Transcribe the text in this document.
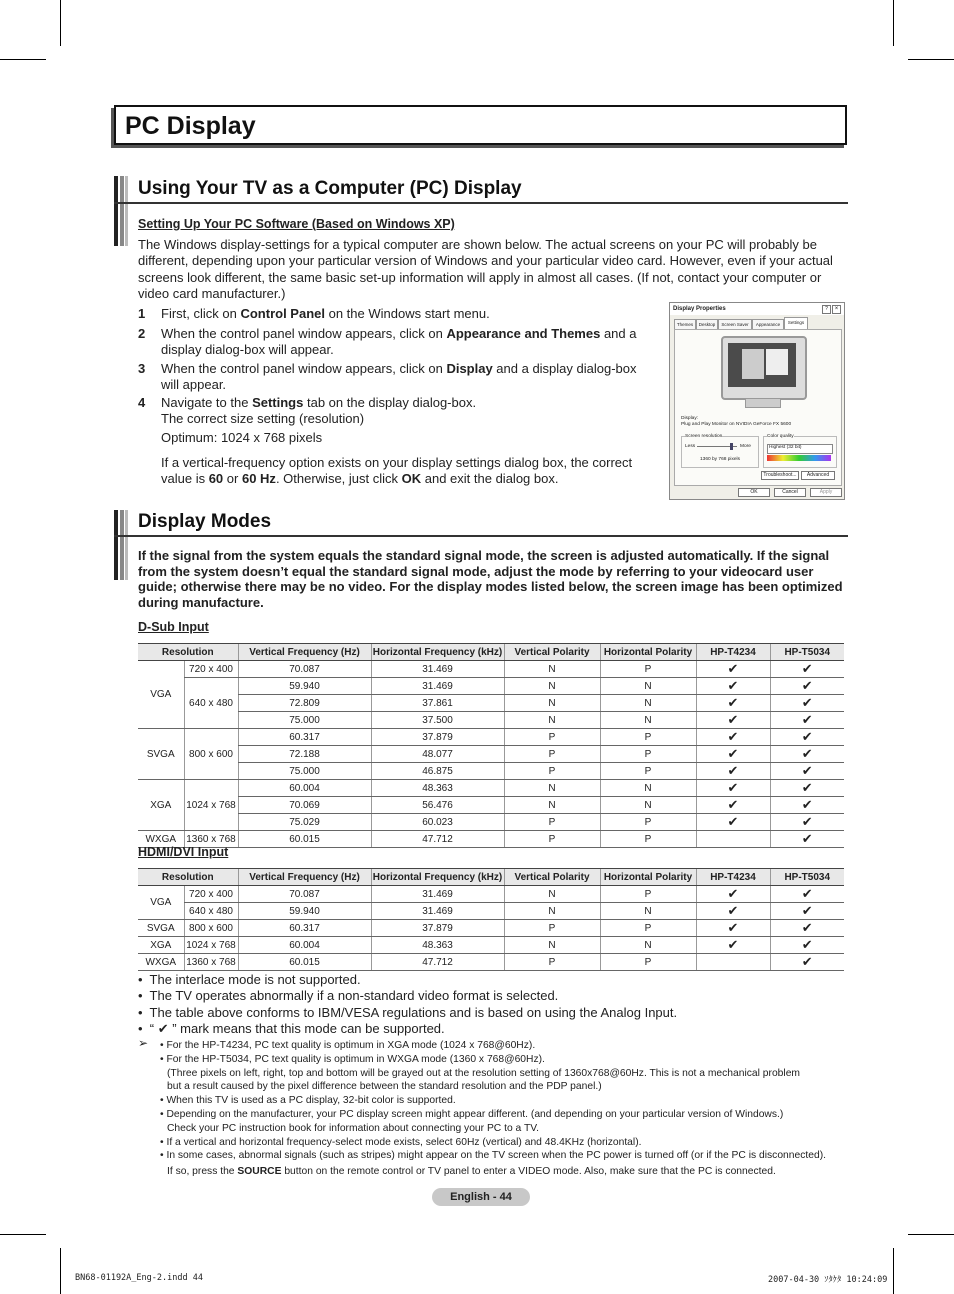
PC Display
Using Your TV as a Computer (PC) Display
Setting Up Your PC Software (Based on Windows XP)
The Windows display-settings for a typical computer are shown below. The actual screens on your PC will probably be different, depending upon your particular version of Windows and your particular video card. However, even if your actual screens look different, the same basic set-up information will apply in almost all cases. (If not, contact your computer or video card manufacturer.)
1 First, click on Control Panel on the Windows start menu.
2 When the control panel window appears, click on Appearance and Themes and a display dialog-box will appear.
3 When the control panel window appears, click on Display and a display dialog-box will appear.
4 Navigate to the Settings tab on the display dialog-box.
The correct size setting (resolution)
Optimum: 1024 x 768 pixels
If a vertical-frequency option exists on your display settings dialog box, the correct value is 60 or 60 Hz. Otherwise, just click OK and exit the dialog box.
Display Properties	?	×
Themes	Desktop	Screen Saver	Appearance	Settings
Display:
Plug and Play Monitor on NVIDIA GeForce FX 5600
Screen resolution
Less	More
1360 by 768 pixels
Color quality
Highest (32 bit)
Troubleshoot...	Advanced
OK	Cancel	Apply
Display Modes
If the signal from the system equals the standard signal mode, the screen is adjusted automatically. If the signal from the system doesn’t equal the standard signal mode, adjust the mode by referring to your videocard user guide; otherwise there may be no video. For the display modes listed below, the screen image has been optimized during manufacture.
D-Sub Input
Resolution		Vertical Frequency (Hz)	Horizontal Frequency (kHz)	Vertical Polarity	Horizontal Polarity	HP-T4234	HP-T5034
VGA	720 x 400	70.087	31.469	N	P	✔	✔
	640 x 480	59.940	31.469	N	N	✔	✔
		72.809	37.861	N	N	✔	✔
		75.000	37.500	N	N	✔	✔
SVGA	800 x 600	60.317	37.879	P	P	✔	✔
		72.188	48.077	P	P	✔	✔
		75.000	46.875	P	P	✔	✔
XGA	1024 x 768	60.004	48.363	N	N	✔	✔
		70.069	56.476	N	N	✔	✔
		75.029	60.023	P	P	✔	✔
WXGA	1360 x 768	60.015	47.712	P	P		✔
HDMI/DVI Input
Resolution		Vertical Frequency (Hz)	Horizontal Frequency (kHz)	Vertical Polarity	Horizontal Polarity	HP-T4234	HP-T5034
VGA	720 x 400	70.087	31.469	N	P	✔	✔
	640 x 480	59.940	31.469	N	N	✔	✔
SVGA	800 x 600	60.317	37.879	P	P	✔	✔
XGA	1024 x 768	60.004	48.363	N	N	✔	✔
WXGA	1360 x 768	60.015	47.712	P	P		✔
•  The interlace mode is not supported.
•  The TV operates abnormally if a non-standard video format is selected.
•  The table above conforms to IBM/VESA regulations and is based on using the Analog Input.
•  “ ✔ ” mark means that this mode can be supported.
➢ • For the HP-T4234, PC text quality is optimum in XGA mode (1024 x 768@60Hz).
• For the HP-T5034, PC text quality is optimum in WXGA mode (1360 x 768@60Hz).
(Three pixels on left, right, top and bottom will be grayed out at the resolution setting of 1360x768@60Hz. This is not a mechanical problem
but a result caused by the pixel difference between the standard resolution and the PDP panel.)
• When this TV is used as a PC display, 32-bit color is supported.
• Depending on the manufacturer, your PC display screen might appear different. (and depending on your particular version of Windows.)
Check your PC instruction book for information about connecting your PC to a TV.
• If a vertical and horizontal frequency-select mode exists, select 60Hz (vertical) and 48.4KHz (horizontal).
• In some cases, abnormal signals (such as stripes) might appear on the TV screen when the PC power is turned off (or if the PC is disconnected).
If so, press the SOURCE button on the remote control or TV panel to enter a VIDEO mode. Also, make sure that the PC is connected.
English - 44
BN68-01192A_Eng-2.indd 44	2007-04-30 ｿﾀｹﾀ 10:24:09
